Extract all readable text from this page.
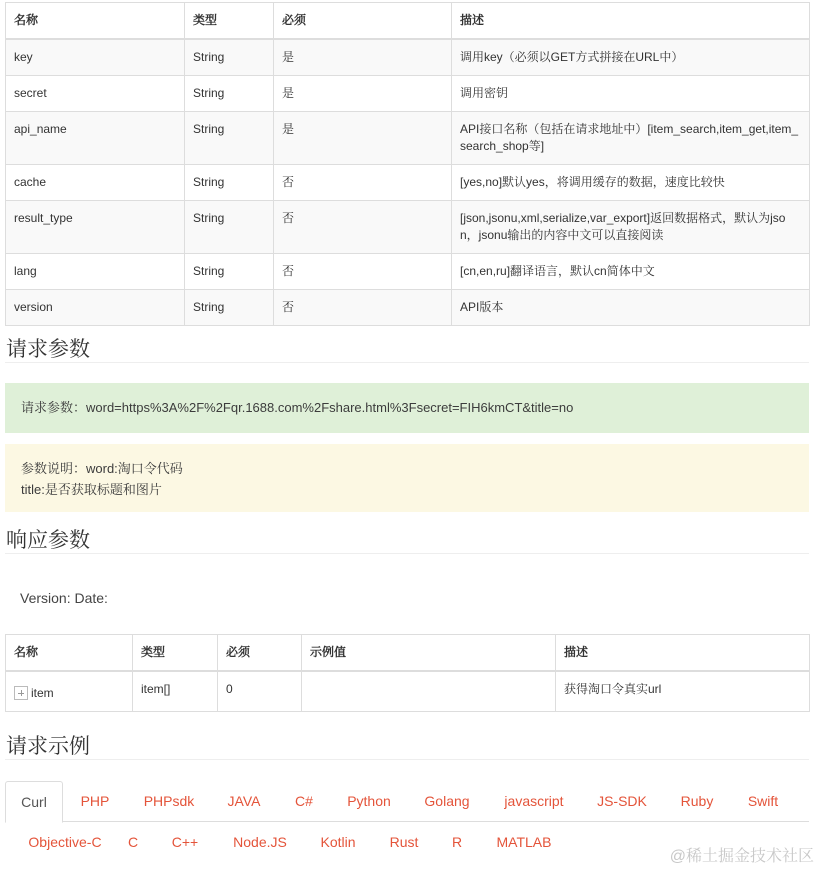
名称	类型	必须	描述
key	String	是	调用key（必须以GET方式拼接在URL中）
secret	String	是	调用密钥
api_name	String	是	API接口名称（包括在请求地址中）[item_search,item_get,item_search_shop等]
cache	String	否	[yes,no]默认yes，将调用缓存的数据，速度比较快
result_type	String	否	[json,jsonu,xml,serialize,var_export]返回数据格式，默认为json，jsonu输出的内容中文可以直接阅读
lang	String	否	[cn,en,ru]翻译语言，默认cn简体中文
version	String	否	API版本
请求参数
请求参数：word=https%3A%2F%2Fqr.1688.com%2Fshare.html%3Fsecret=FIH6kmCT&title=no
参数说明：word:淘口令代码
title:是否获取标题和图片
响应参数
Version: Date:
名称	类型	必须	示例值	描述
item	item[]	0		获得淘口令真实url
请求示例
Curl	PHP	PHPsdk	JAVA	C#	Python	Golang	javascript	JS-SDK	Ruby	Swift
Objective-C	C	C++	Node.JS	Kotlin	Rust	R	MATLAB
@稀土掘金技术社区
